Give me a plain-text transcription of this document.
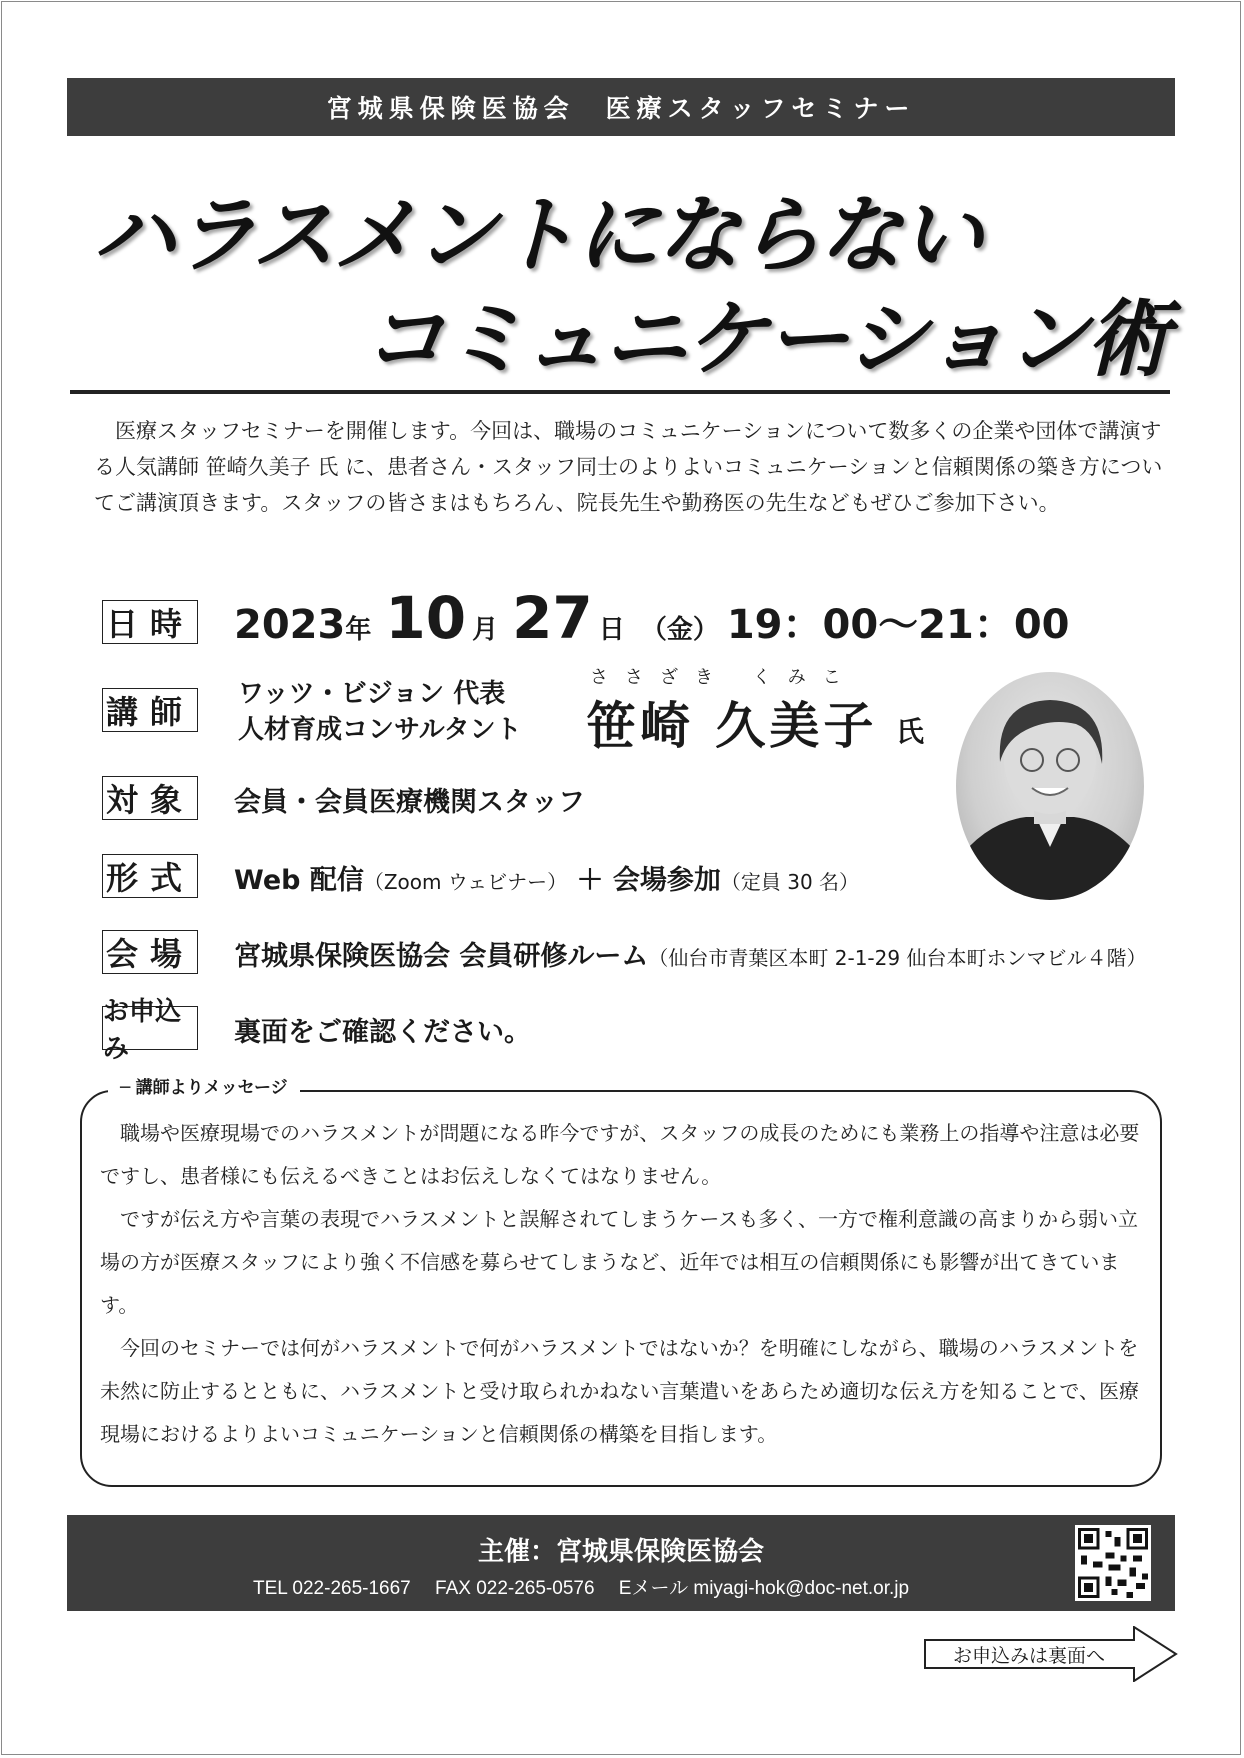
宮城県保険医協会　医療スタッフセミナー
ハラスメントにならない
コミュニケーション術
医療スタッフセミナーを開催します。今回は、職場のコミュニケーションについて数多くの企業や団体で講演する人気講師 笹崎久美子 氏 に、患者さん・スタッフ同士のよりよいコミュニケーションと信頼関係の築き方についてご講演頂きます。スタッフの皆さまはもちろん、院長先生や勤務医の先生などもぜひご参加下さい。
日時 2023 年 10 月 27 日 （金） 19：00～21：00
講師 ワッツ・ビジョン 代表
人材育成コンサルタント
ささざき くみこ
笹崎 久美子 氏
対象 会員・会員医療機関スタッフ
形式 Web 配信（Zoom ウェビナー） ＋ 会場参加（定員 30 名）
会場 宮城県保険医協会 会員研修ルーム（仙台市青葉区本町 2-1-29 仙台本町ホンマビル４階）
お申込み
裏面をご確認ください。
─ 講師よりメッセージ

職場や医療現場でのハラスメントが問題になる昨今ですが、スタッフの成長のためにも業務上の指導や注意は必要ですし、患者様にも伝えるべきことはお伝えしなくてはなりません。

ですが伝え方や言葉の表現でハラスメントと誤解されてしまうケースも多く、一方で権利意識の高まりから弱い立場の方が医療スタッフにより強く不信感を募らせてしまうなど、近年では相互の信頼関係にも影響が出てきています。

今回のセミナーでは何がハラスメントで何がハラスメントではないか？を明確にしながら、職場のハラスメントを未然に防止するとともに、ハラスメントと受け取られかねない言葉遣いをあらため適切な伝え方を知ることで、医療現場におけるよりよいコミュニケーションと信頼関係の構築を目指します。

主催：宮城県保険医協会
TEL 022-265-1667　 FAX 022-265-0576　 Eメール miyagi-hok@doc-net.or.jp
お申込みは裏面へ
